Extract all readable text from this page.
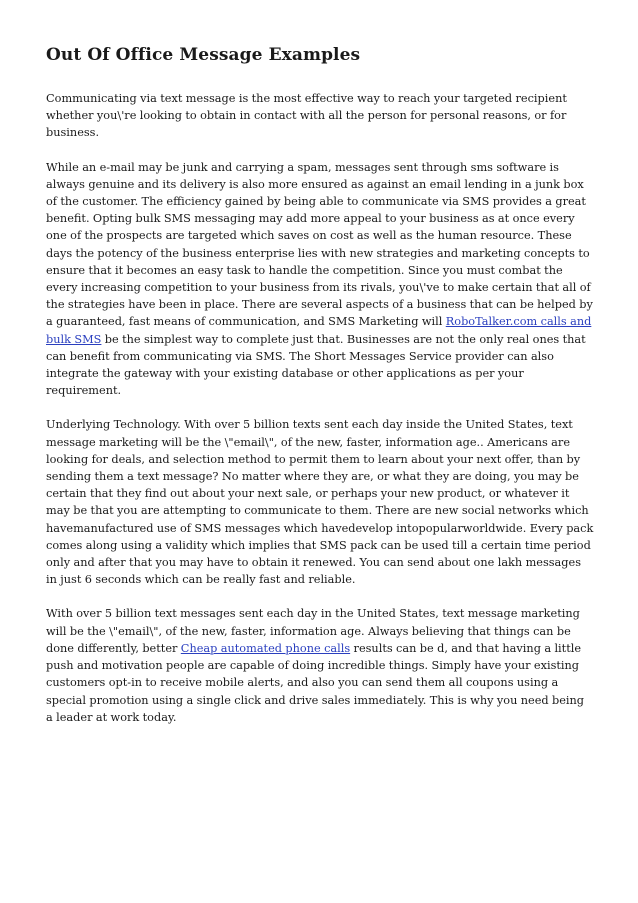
Out Of Office Message Examples

Communicating via text message is the most effective way to reach your targeted recipient whether you\'re looking to obtain in contact with all the person for personal reasons, or for business.

While an e-mail may be junk and carrying a spam, messages sent through sms software is always genuine and its delivery is also more ensured as against an email lending in a junk box of the customer. The efficiency gained by being able to communicate via SMS provides a great benefit. Opting bulk SMS messaging may add more appeal to your business as at once every one of the prospects are targeted which saves on cost as well as the human resource. These days the potency of the business enterprise lies with new strategies and marketing concepts to ensure that it becomes an easy task to handle the competition. Since you must combat the every increasing competition to your business from its rivals, you\'ve to make certain that all of the strategies have been in place. There are several aspects of a business that can be helped by a guaranteed, fast means of communication, and SMS Marketing will RoboTalker.com calls and bulk SMS be the simplest way to complete just that. Businesses are not the only real ones that can benefit from communicating via SMS. The Short Messages Service provider can also integrate the gateway with your existing database or other applications as per your requirement.

Underlying Technology. With over 5 billion texts sent each day inside the United States, text message marketing will be the \"email\", of the new, faster, information age.. Americans are looking for deals, and selection method to permit them to learn about your next offer, than by sending them a text message? No matter where they are, or what they are doing, you may be certain that they find out about your next sale, or perhaps your new product, or whatever it may be that you are attempting to communicate to them. There are new social networks which havemanufactured use of SMS messages which havedevelop intopopularworldwide. Every pack comes along using a validity which implies that SMS pack can be used till a certain time period only and after that you may have to obtain it renewed. You can send about one lakh messages in just 6 seconds which can be really fast and reliable.

With over 5 billion text messages sent each day in the United States, text message marketing will be the \"email\", of the new, faster, information age. Always believing that things can be done differently, better Cheap automated phone calls results can be d, and that having a little push and motivation people are capable of doing incredible things. Simply have your existing customers opt-in to receive mobile alerts, and also you can send them all coupons using a special promotion using a single click and drive sales immediately. This is why you need being a leader at work today.
